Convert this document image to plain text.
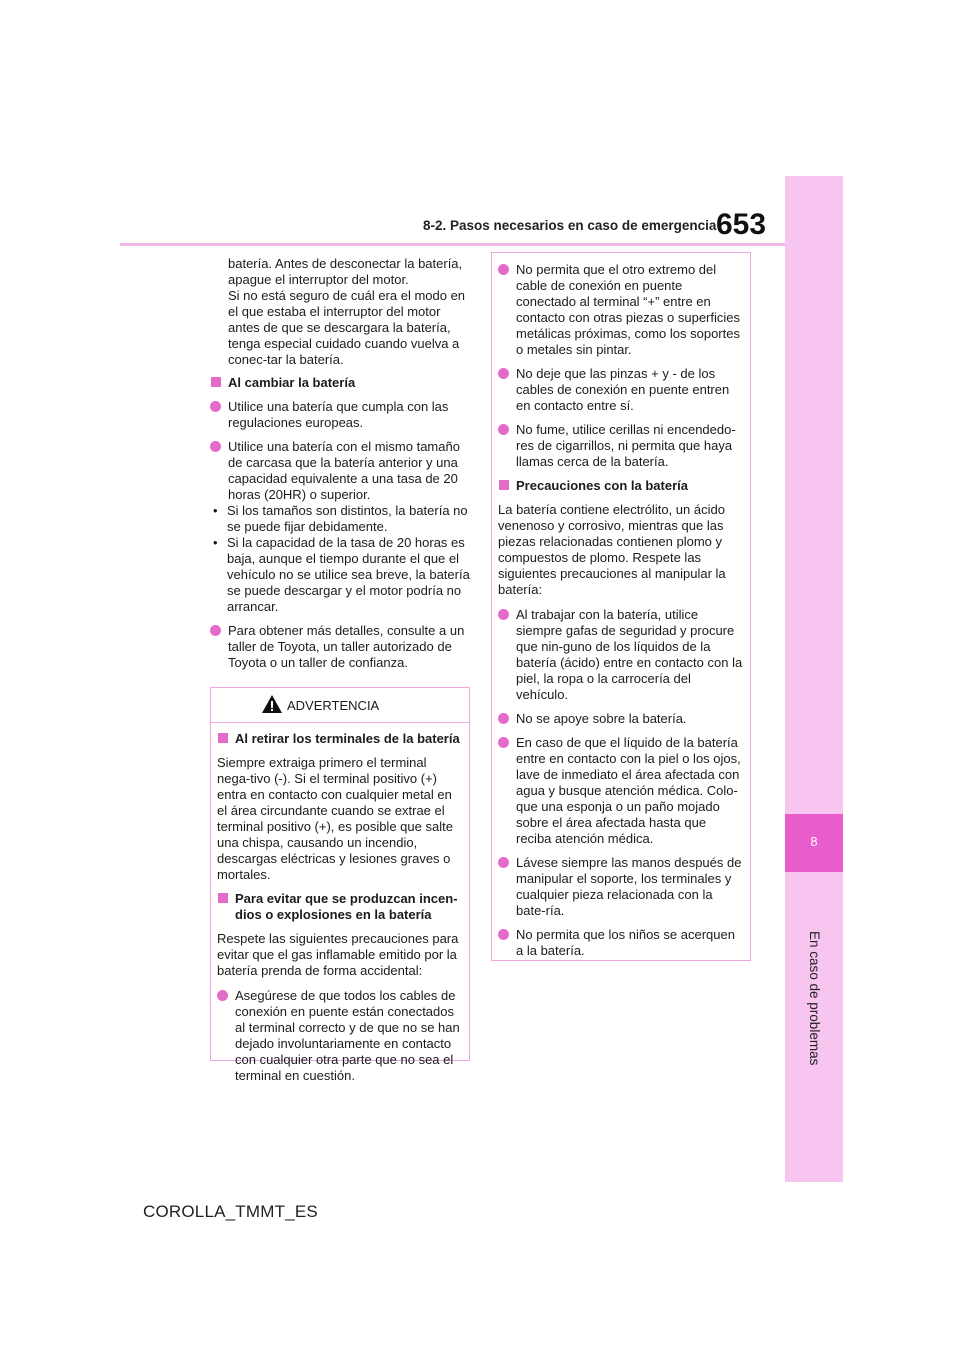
8-2. Pasos necesarios en caso de emergencia 653
8
En caso de problemas
batería. Antes de desconectar la batería, apague el interruptor del motor.
Si no está seguro de cuál era el modo en el que estaba el interruptor del motor antes de que se descargara la batería, tenga especial cuidado cuando vuelva a conec-tar la batería.
Al cambiar la batería
Utilice una batería que cumpla con las regulaciones europeas.
Utilice una batería con el mismo tamaño de carcasa que la batería anterior y una capacidad equivalente a una tasa de 20 horas (20HR) o superior.
• Si los tamaños son distintos, la batería no se puede fijar debidamente.
• Si la capacidad de la tasa de 20 horas es baja, aunque el tiempo durante el que el vehículo no se utilice sea breve, la batería se puede descargar y el motor podría no arrancar.
Para obtener más detalles, consulte a un taller de Toyota, un taller autorizado de Toyota o un taller de confianza.
ADVERTENCIA
Al retirar los terminales de la batería
Siempre extraiga primero el terminal nega-tivo (-). Si el terminal positivo (+) entra en contacto con cualquier metal en el área circundante cuando se extrae el terminal positivo (+), es posible que salte una chispa, causando un incendio, descargas eléctricas y lesiones graves o mortales.
Para evitar que se produzcan incen-dios o explosiones en la batería
Respete las siguientes precauciones para evitar que el gas inflamable emitido por la batería prenda de forma accidental:
Asegúrese de que todos los cables de conexión en puente están conectados al terminal correcto y de que no se han dejado involuntariamente en contacto con cualquier otra parte que no sea el terminal en cuestión.
No permita que el otro extremo del cable de conexión en puente conectado al terminal “+” entre en contacto con otras piezas o superficies metálicas próximas, como los soportes o metales sin pintar.
No deje que las pinzas + y - de los cables de conexión en puente entren en contacto entre sí.
No fume, utilice cerillas ni encendedo-res de cigarrillos, ni permita que haya llamas cerca de la batería.
Precauciones con la batería
La batería contiene electrólito, un ácido venenoso y corrosivo, mientras que las piezas relacionadas contienen plomo y compuestos de plomo. Respete las siguientes precauciones al manipular la batería:
Al trabajar con la batería, utilice siempre gafas de seguridad y procure que nin-guno de los líquidos de la batería (ácido) entre en contacto con la piel, la ropa o la carrocería del vehículo.
No se apoye sobre la batería.
En caso de que el líquido de la batería entre en contacto con la piel o los ojos, lave de inmediato el área afectada con agua y busque atención médica. Colo-que una esponja o un paño mojado sobre el área afectada hasta que reciba atención médica.
Lávese siempre las manos después de manipular el soporte, los terminales y cualquier pieza relacionada con la bate-ría.
No permita que los niños se acerquen a la batería.
COROLLA_TMMT_ES
